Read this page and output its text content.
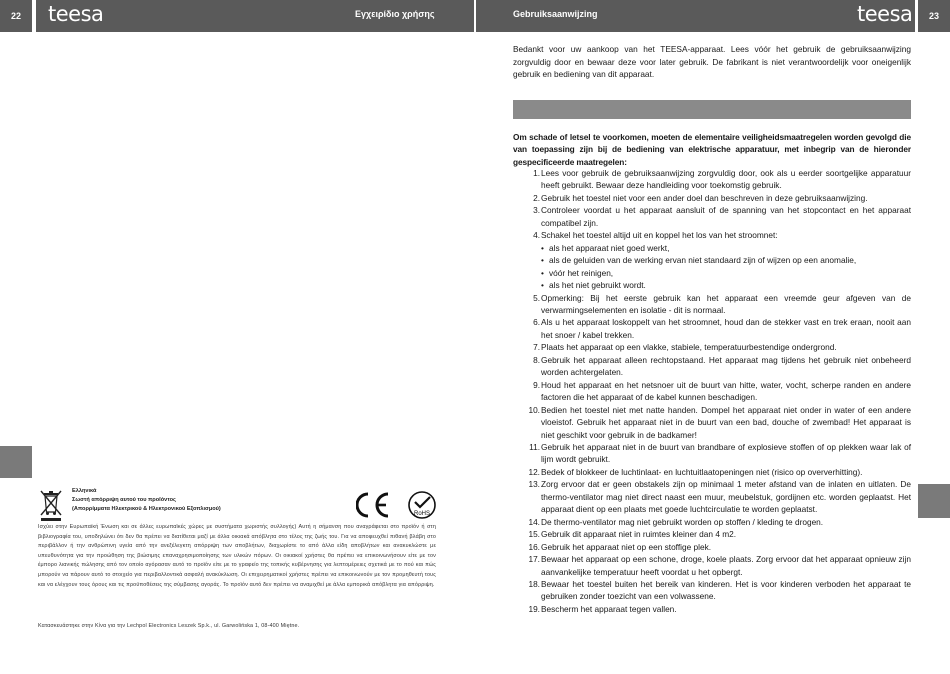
22	teesa	Εγχειρίδιο χρήσης	Gebruiksaanwijzing	teesa	23
Ελληνικά
Σωστή απόρριψη αυτού του προϊόντος
(Απορρίμματα Ηλεκτρικού & Ηλεκτρονικού Εξοπλισμού)
RoHS
Ισχύει στην Ευρωπαϊκή Ένωση και σε άλλες ευρωπαϊκές χώρες με συστήματα χωριστής συλλογής) Αυτή η σήμανση που αναγράφεται στο προϊόν ή στη βιβλιογραφία του, υποδηλώνει ότι δεν θα πρέπει να διατίθεται μαζί με άλλα οικιακά απόβλητα στο τέλος της ζωής του. Για να αποφευχθεί πιθανή βλάβη στο περιβάλλον ή την ανθρώπινη υγεία από την ανεξέλεγκτη απόρριψη των αποβλήτων, διαχωρίστε το από άλλα είδη αποβλήτων και ανακυκλώστε με υπευθυνότητα για την προώθηση της βιώσιμης επαναχρησιμοποίησης των υλικών πόρων. Οι οικιακοί χρήστες θα πρέπει να επικοινωνήσουν είτε με τον έμπορο λιανικής πώλησης από τον οποίο αγόρασαν αυτό το προϊόν είτε με το γραφείο της τοπικής κυβέρνησης για λεπτομέρειες σχετικά με το πού και πώς μπορούν να πάρουν αυτό το στοιχείο για περιβαλλοντικά ασφαλή ανακύκλωση. Οι επιχειρηματικοί χρήστες πρέπει να επικοινωνούν με τον προμηθευτή τους και να ελέγχουν τους όρους και τις προϋποθέσεις της σύμβασης αγοράς. Το προϊόν αυτό δεν πρέπει να αναμιχθεί με άλλα εμπορικά απόβλητα για απόρριψη.
Κατασκευάστηκε στην Κίνα για την Lechpol Electronics Leszek Sp.k., ul. Garwolińska 1, 08-400 Miętne.
Bedankt voor uw aankoop van het TEESA-apparaat. Lees vóór het gebruik de gebruiksaanwijzing zorgvuldig door en bewaar deze voor later gebruik. De fabrikant is niet verantwoordelijk voor oneigenlijk gebruik en bediening van dit apparaat.
Om schade of letsel te voorkomen, moeten de elementaire veiligheidsmaatregelen worden gevolgd die van toepassing zijn bij de bediening van elektrische apparatuur, met inbegrip van de hieronder gespecificeerde maatregelen:
1. Lees voor gebruik de gebruiksaanwijzing zorgvuldig door, ook als u eerder soortgelijke apparatuur heeft gebruikt. Bewaar deze handleiding voor toekomstig gebruik.
2. Gebruik het toestel niet voor een ander doel dan beschreven in deze gebruiksaanwijzing.
3. Controleer voordat u het apparaat aansluit of de spanning van het stopcontact en het apparaat compatibel zijn.
4. Schakel het toestel altijd uit en koppel het los van het stroomnet:
• als het apparaat niet goed werkt,
• als de geluiden van de werking ervan niet standaard zijn of wijzen op een anomalie,
• vóór het reinigen,
• als het niet gebruikt wordt.
5. Opmerking: Bij het eerste gebruik kan het apparaat een vreemde geur afgeven van de verwarmingselementen en isolatie - dit is normaal.
6. Als u het apparaat loskoppelt van het stroomnet, houd dan de stekker vast en trek eraan, nooit aan het snoer / kabel trekken.
7. Plaats het apparaat op een vlakke, stabiele, temperatuurbestendige ondergrond.
8. Gebruik het apparaat alleen rechtopstaand. Het apparaat mag tijdens het gebruik niet onbeheerd worden achtergelaten.
9. Houd het apparaat en het netsnoer uit de buurt van hitte, water, vocht, scherpe randen en andere factoren die het apparaat of de kabel kunnen beschadigen.
10. Bedien het toestel niet met natte handen. Dompel het apparaat niet onder in water of een andere vloeistof. Gebruik het apparaat niet in de buurt van een bad, douche of zwembad! Het apparaat is niet geschikt voor gebruik in de badkamer!
11. Gebruik het apparaat niet in de buurt van brandbare of explosieve stoffen of op plekken waar lak of lijm wordt gebruikt.
12. Bedek of blokkeer de luchtinlaat- en luchtuitlaatopeningen niet (risico op oververhitting).
13. Zorg ervoor dat er geen obstakels zijn op minimaal 1 meter afstand van de inlaten en uitlaten. De thermo-ventilator mag niet direct naast een muur, meubelstuk, gordijnen etc. worden geplaatst. Het apparaat dient op een plaats met goede luchtcirculatie te worden geplaatst.
14. De thermo-ventilator mag niet gebruikt worden op stoffen / kleding te drogen.
15. Gebruik dit apparaat niet in ruimtes kleiner dan 4 m2.
16. Gebruik het apparaat niet op een stoffige plek.
17. Bewaar het apparaat op een schone, droge, koele plaats. Zorg ervoor dat het apparaat opnieuw zijn aanvankelijke temperatuur heeft voordat u het opbergt.
18. Bewaar het toestel buiten het bereik van kinderen. Het is voor kinderen verboden het apparaat te gebruiken zonder toezicht van een volwassene.
19. Bescherm het apparaat tegen vallen.
